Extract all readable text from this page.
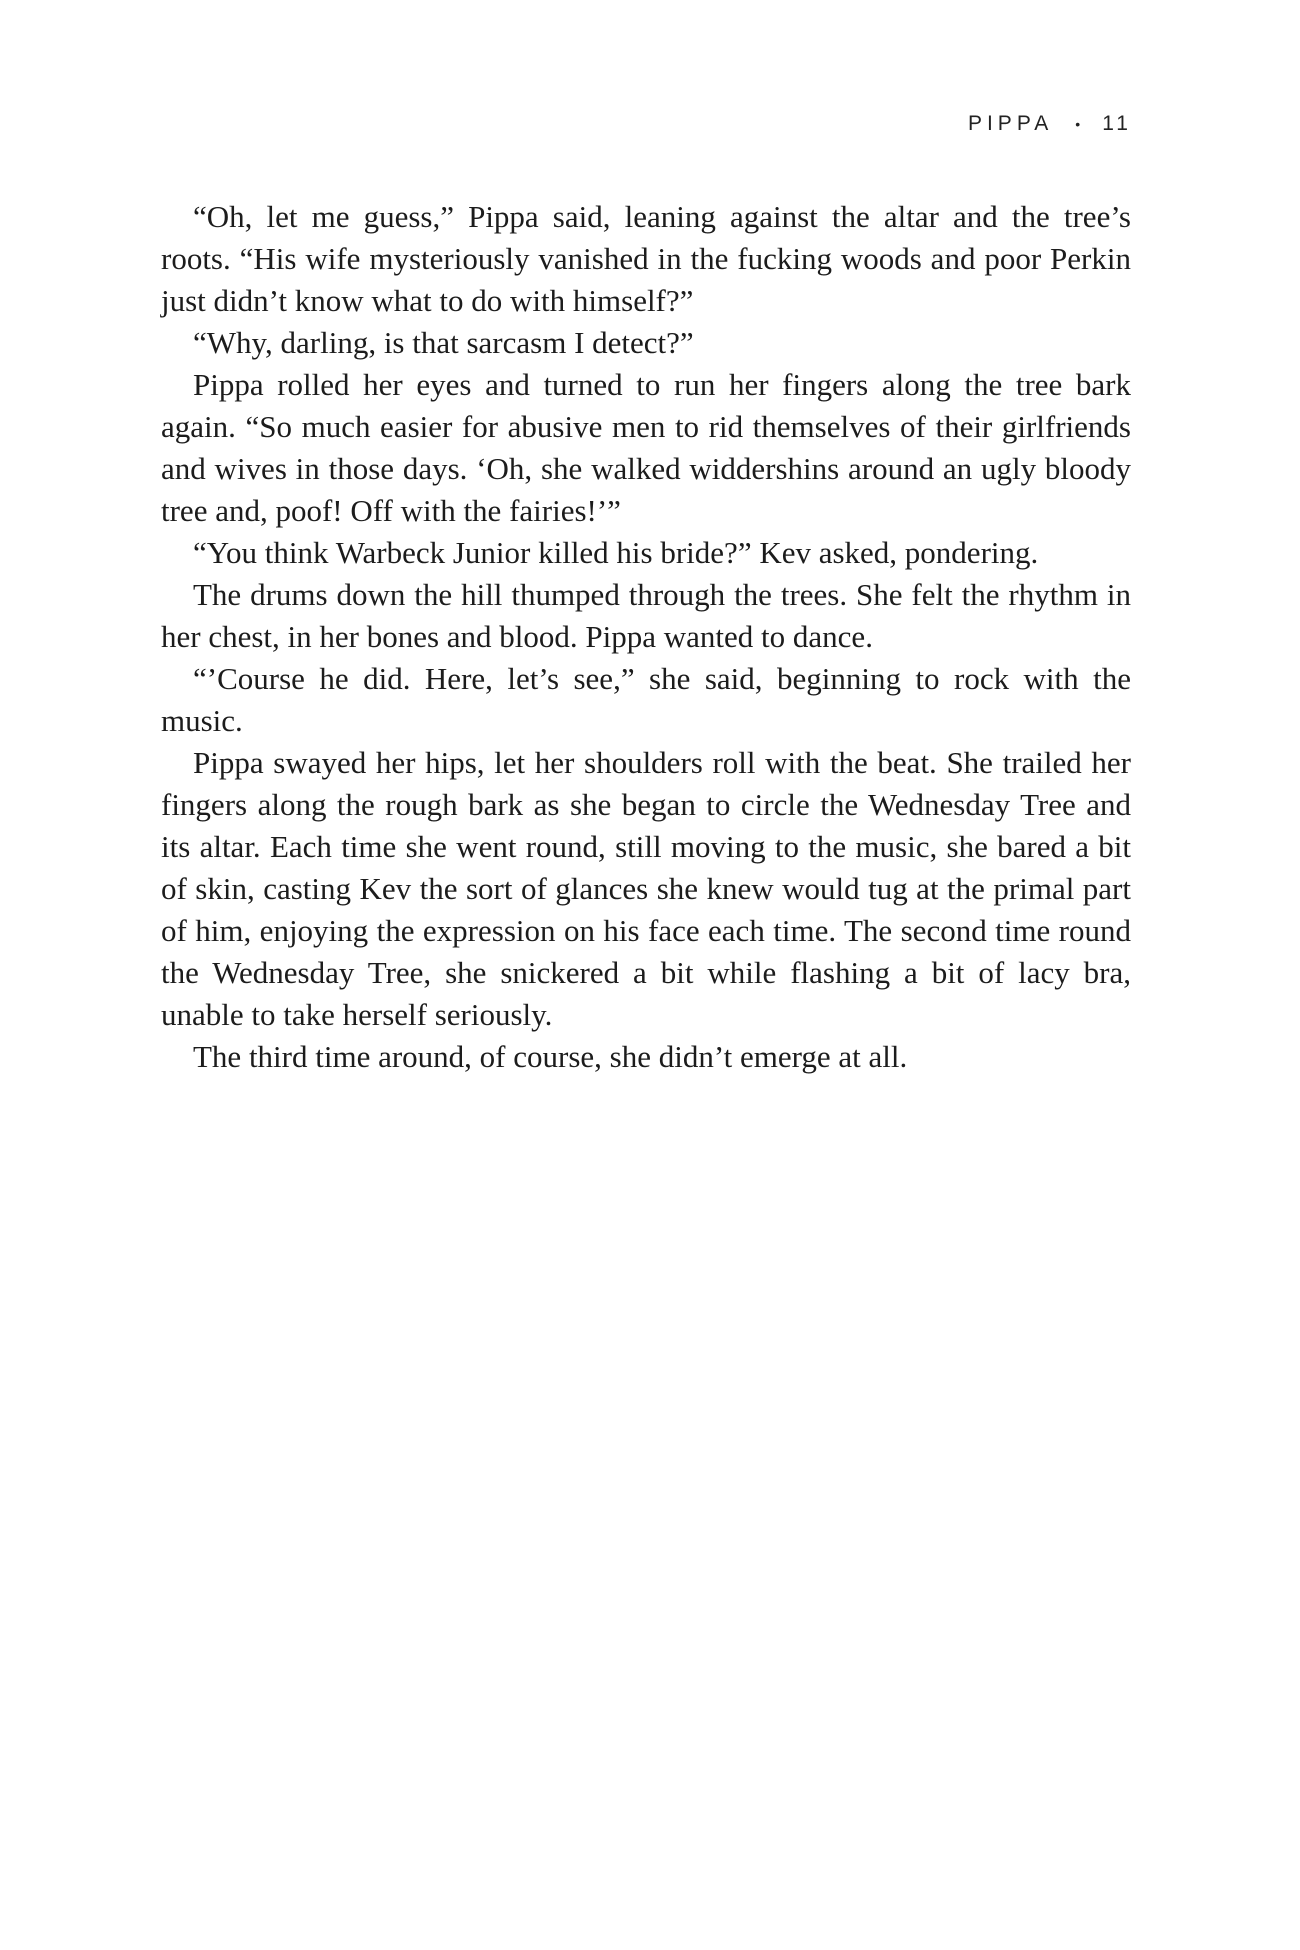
PIPPA • 11

“Oh, let me guess,” Pippa said, leaning against the altar and the tree’s roots. “His wife mysteriously vanished in the fucking woods and poor Perkin just didn’t know what to do with himself?”

“Why, darling, is that sarcasm I detect?”

Pippa rolled her eyes and turned to run her fingers along the tree bark again. “So much easier for abusive men to rid themselves of their girlfriends and wives in those days. ‘Oh, she walked widdershins around an ugly bloody tree and, poof! Off with the fairies!’”

“You think Warbeck Junior killed his bride?” Kev asked, pondering.

The drums down the hill thumped through the trees. She felt the rhythm in her chest, in her bones and blood. Pippa wanted to dance.

“’Course he did. Here, let’s see,” she said, beginning to rock with the music.

Pippa swayed her hips, let her shoulders roll with the beat. She trailed her fingers along the rough bark as she began to circle the Wednesday Tree and its altar. Each time she went round, still moving to the music, she bared a bit of skin, casting Kev the sort of glances she knew would tug at the primal part of him, enjoying the expression on his face each time. The second time round the Wednesday Tree, she snickered a bit while flashing a bit of lacy bra, unable to take herself seriously.

The third time around, of course, she didn’t emerge at all.
